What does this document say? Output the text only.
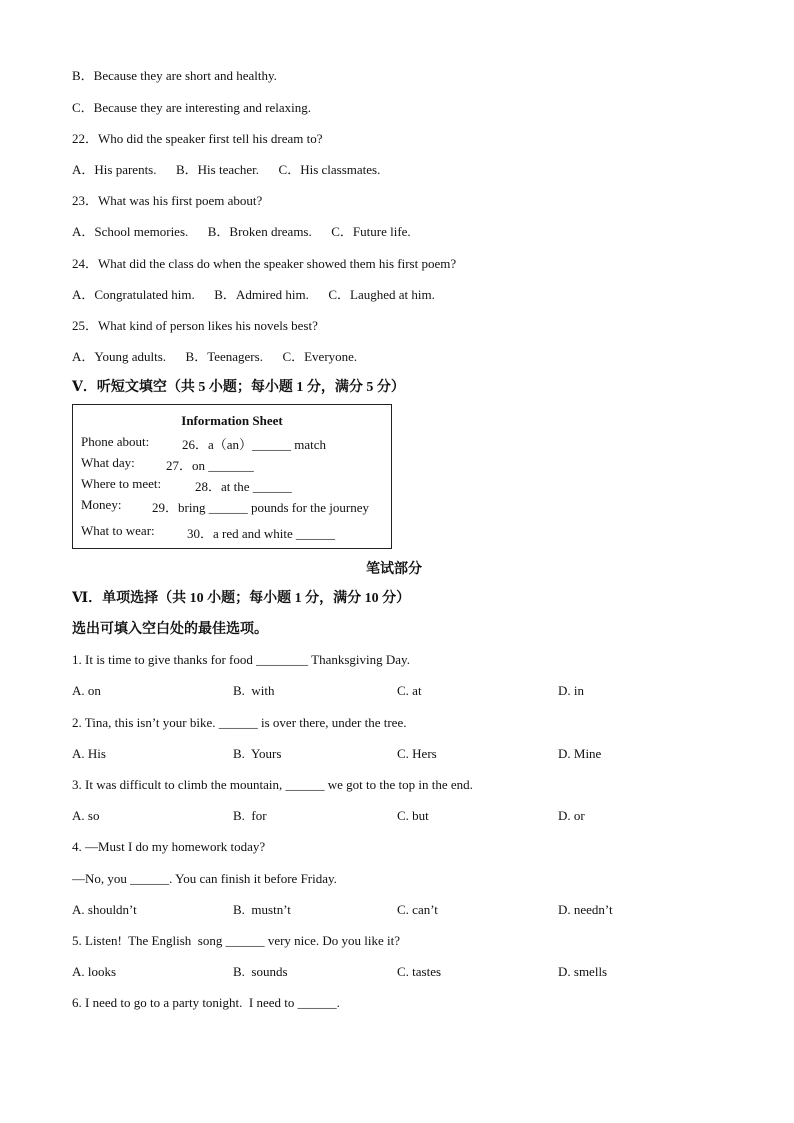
B．Because they are short and healthy.
C．Because they are interesting and relaxing.
22．Who did the speaker first tell his dream to?
A．His parents.      B．His teacher.      C．His classmates.
23．What was his first poem about?
A．School memories.      B．Broken dreams.      C．Future life.
24．What did the class do when the speaker showed them his first poem?
A．Congratulated him.      B．Admired him.      C．Laughed at him.
25．What kind of person likes his novels best?
A．Young adults.      B．Teenagers.      C．Everyone.
Ⅴ．听短文填空（共 5 小题；每小题 1 分，满分 5 分）
Information Sheet
Phone about:	26．a（an）______ match
What day: 27．on _______
Where to meet:	28．at the ______
Money: 29．bring ______ pounds for the journey
What to wear: 30．a red and white ______
笔试部分
Ⅵ．单项选择（共 10 小题；每小题 1 分，满分 10 分）
选出可填入空白处的最佳选项。
1. It is time to give thanks for food ________ Thanksgiving Day.
A. on	B.  with	C. at	D. in
2. Tina, this isn’t your bike. ______ is over there, under the tree.
A. His	B.  Yours	C. Hers	D. Mine
3. It was difficult to climb the mountain, ______ we got to the top in the end.
A. so	B.  for	C. but	D. or
4. —Must I do my homework today?
—No, you ______. You can finish it before Friday.
A. shouldn’t	B.  mustn’t	C. can’t	D. needn’t
5. Listen!  The English  song ______ very nice. Do you like it?
A. looks	B.  sounds	C. tastes	D. smells
6. I need to go to a party tonight.  I need to ______.
